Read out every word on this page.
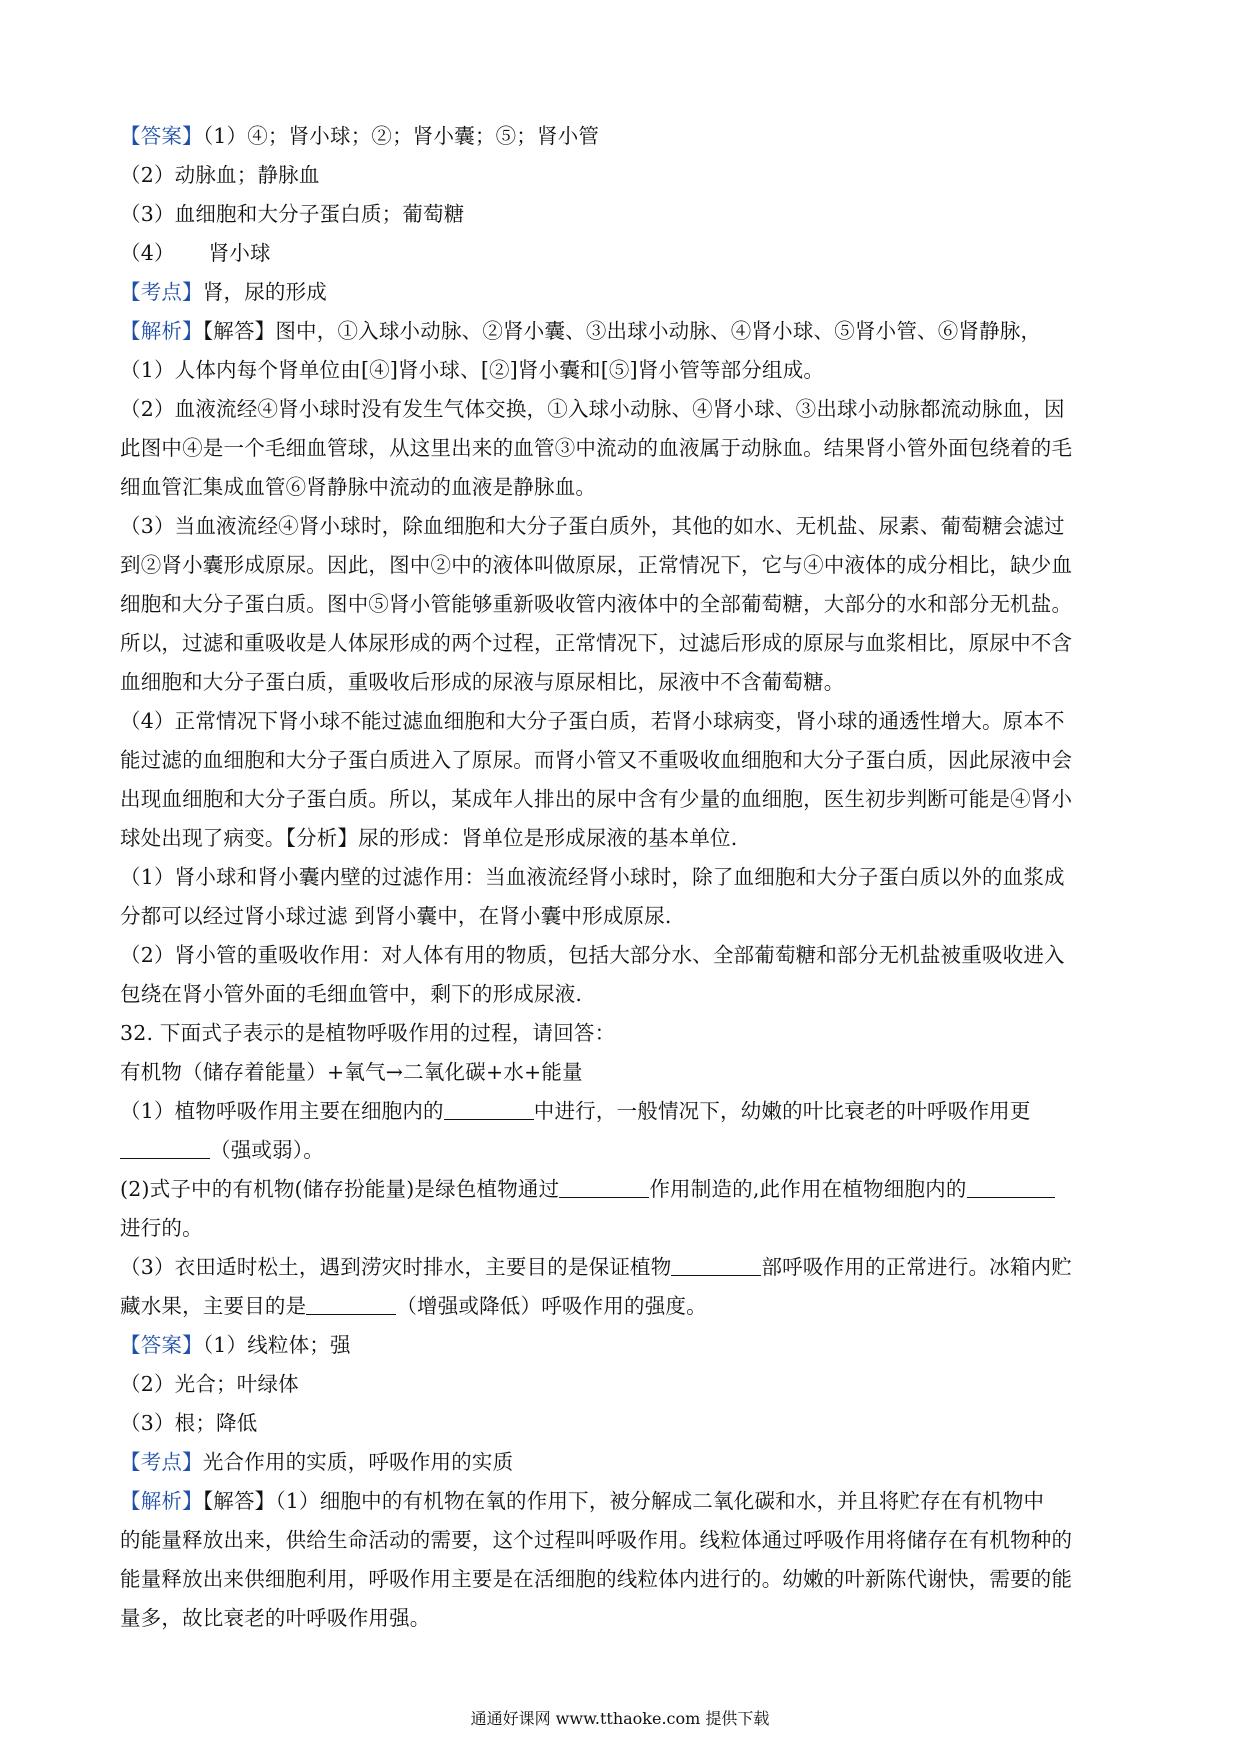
【答案】（1）④；肾小球；②；肾小囊；⑤；肾小管
（2）动脉血；静脉血
（3）血细胞和大分子蛋白质；葡萄糖
（4） 肾小球
【考点】肾，尿的形成
【解析】【解答】图中，①入球小动脉、②肾小囊、③出球小动脉、④肾小球、⑤肾小管、⑥肾静脉，
（1）人体内每个肾单位由[④]肾小球、[②]肾小囊和[⑤]肾小管等部分组成。
（2）血液流经④肾小球时没有发生气体交换，①入球小动脉、④肾小球、③出球小动脉都流动脉血，因
此图中④是一个毛细血管球，从这里出来的血管③中流动的血液属于动脉血。结果肾小管外面包绕着的毛
细血管汇集成血管⑥肾静脉中流动的血液是静脉血。
（3）当血液流经④肾小球时，除血细胞和大分子蛋白质外，其他的如水、无机盐、尿素、葡萄糖会滤过
到②肾小囊形成原尿。因此，图中②中的液体叫做原尿，正常情况下，它与④中液体的成分相比，缺少血
细胞和大分子蛋白质。图中⑤肾小管能够重新吸收管内液体中的全部葡萄糖，大部分的水和部分无机盐。
所以，过滤和重吸收是人体尿形成的两个过程，正常情况下，过滤后形成的原尿与血浆相比，原尿中不含
血细胞和大分子蛋白质，重吸收后形成的尿液与原尿相比，尿液中不含葡萄糖。
（4）正常情况下肾小球不能过滤血细胞和大分子蛋白质，若肾小球病变，肾小球的通透性增大。原本不
能过滤的血细胞和大分子蛋白质进入了原尿。而肾小管又不重吸收血细胞和大分子蛋白质，因此尿液中会
出现血细胞和大分子蛋白质。所以，某成年人排出的尿中含有少量的血细胞，医生初步判断可能是④肾小
球处出现了病变。【分析】尿的形成：肾单位是形成尿液的基本单位.
（1）肾小球和肾小囊内壁的过滤作用：当血液流经肾小球时，除了血细胞和大分子蛋白质以外的血浆成
分都可以经过肾小球过滤 到肾小囊中，在肾小囊中形成原尿.
（2）肾小管的重吸收作用：对人体有用的物质，包括大部分水、全部葡萄糖和部分无机盐被重吸收进入
包绕在肾小管外面的毛细血管中，剩下的形成尿液.
32. 下面式子表示的是植物呼吸作用的过程，请回答：
有机物（储存着能量）+氧气→二氧化碳+水+能量
（1）植物呼吸作用主要在细胞内的	中进行，一般情况下，幼嫩的叶比衰老的叶呼吸作用更
（强或弱）。
(2)式子中的有机物(储存扮能量)是绿色植物通过	作用制造的,此作用在植物细胞内的
进行的。
（3）衣田适时松土，遇到涝灾时排水，主要目的是保证植物	部呼吸作用的正常进行。冰箱内贮
藏水果，主要目的是	（增强或降低）呼吸作用的强度。
【答案】（1）线粒体；强
（2）光合；叶绿体
（3）根；降低
【考点】光合作用的实质，呼吸作用的实质
【解析】【解答】（1）细胞中的有机物在氧的作用下，被分解成二氧化碳和水，并且将贮存在有机物中
的能量释放出来，供给生命活动的需要，这个过程叫呼吸作用。线粒体通过呼吸作用将储存在有机物种的
能量释放出来供细胞利用，呼吸作用主要是在活细胞的线粒体内进行的。幼嫩的叶新陈代谢快，需要的能
量多，故比衰老的叶呼吸作用强。
通通好课网 www.tthaoke.com 提供下载
